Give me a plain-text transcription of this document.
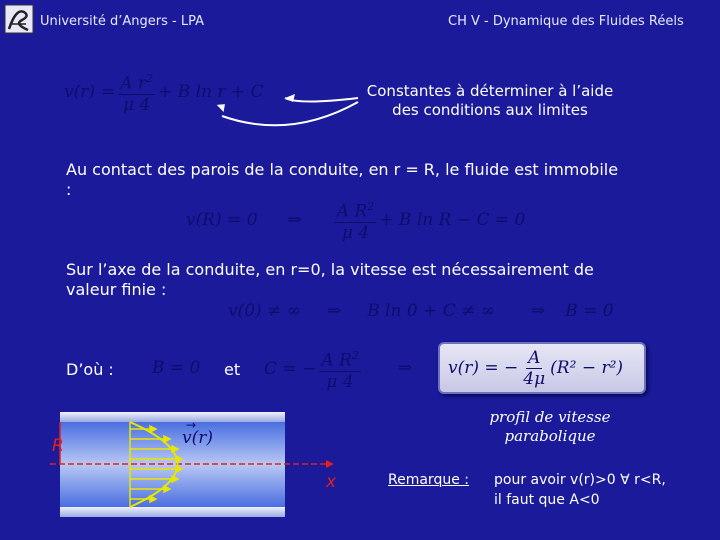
Université d’Angers - LPA	CH V - Dynamique des Fluides Réels
$v(r) = \frac{A r^2}{\mu 4} + B$ ln r + C	Constantes à déterminer à l’aide des conditions aux limites
Au contact des parois de la conduite, en r = R, le fluide est immobile :
v(R) = 0 ⇒ $\frac{A R^2}{\mu 4} + B$ ln R − C = 0
Sur l’axe de la conduite, en r=0, la vitesse est nécessairement de valeur finie :
v(0) ≠ ∞ ⇒ B ln 0 + C ≠ ∞ ⇒ B = 0
D’où : B = 0 et C = − $\frac{A R^2}{\mu 4}$ ⇒ v(r) = − $\frac{A}{4\mu} (R^2 - r^2)$
v(r)
→
R
x
profil de vitesse parabolique
Remarque : pour avoir v(r)>0 ∀ r<R,
il faut que A<0
